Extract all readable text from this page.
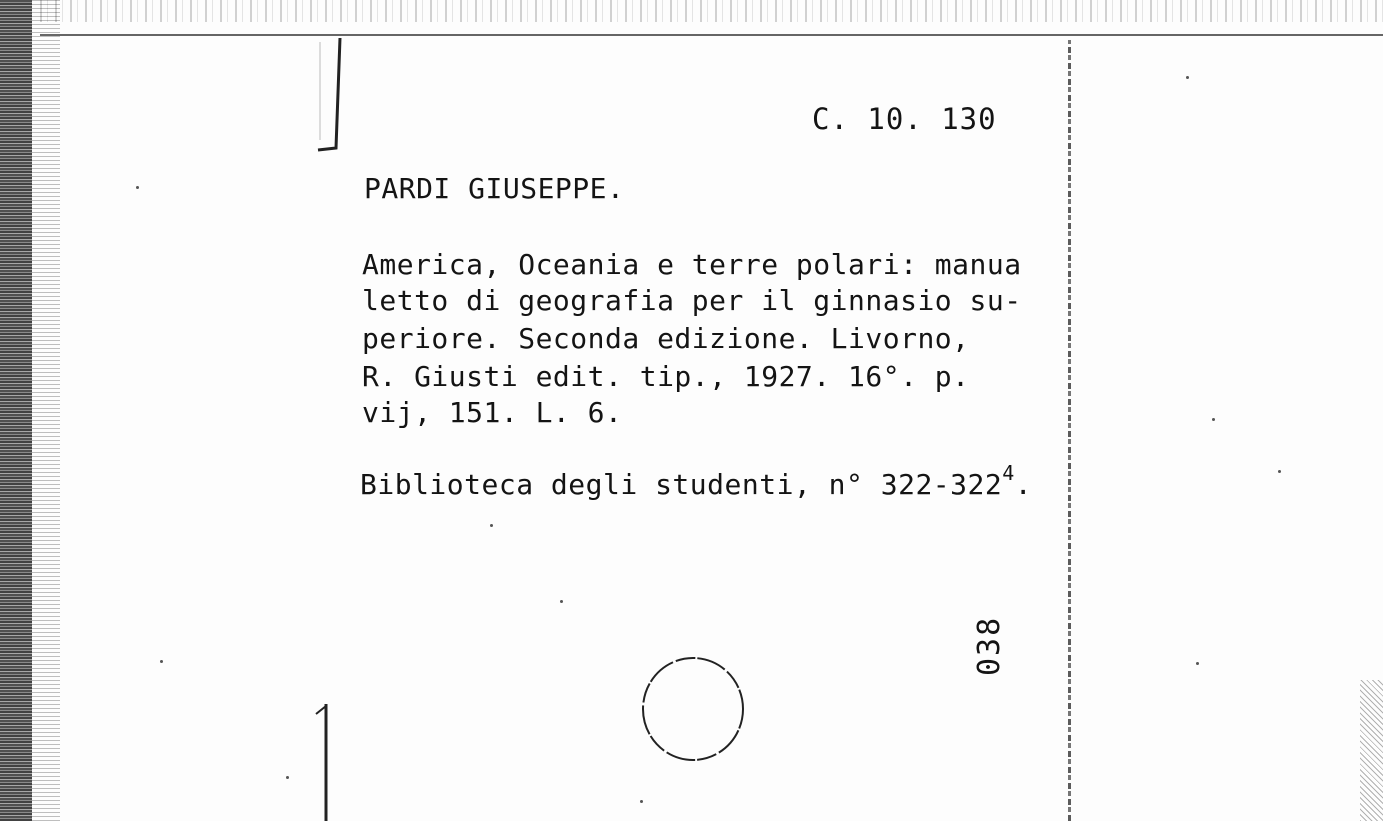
C. 10. 130
PARDI GIUSEPPE.
America, Oceania e terre polari: manua
letto di geografia per il ginnasio su-
periore. Seconda edizione. Livorno,
R. Giusti edit. tip., 1927. 16°. p.
vij, 151. L. 6.
Biblioteca degli studenti, n° $322-322^4$.
038
